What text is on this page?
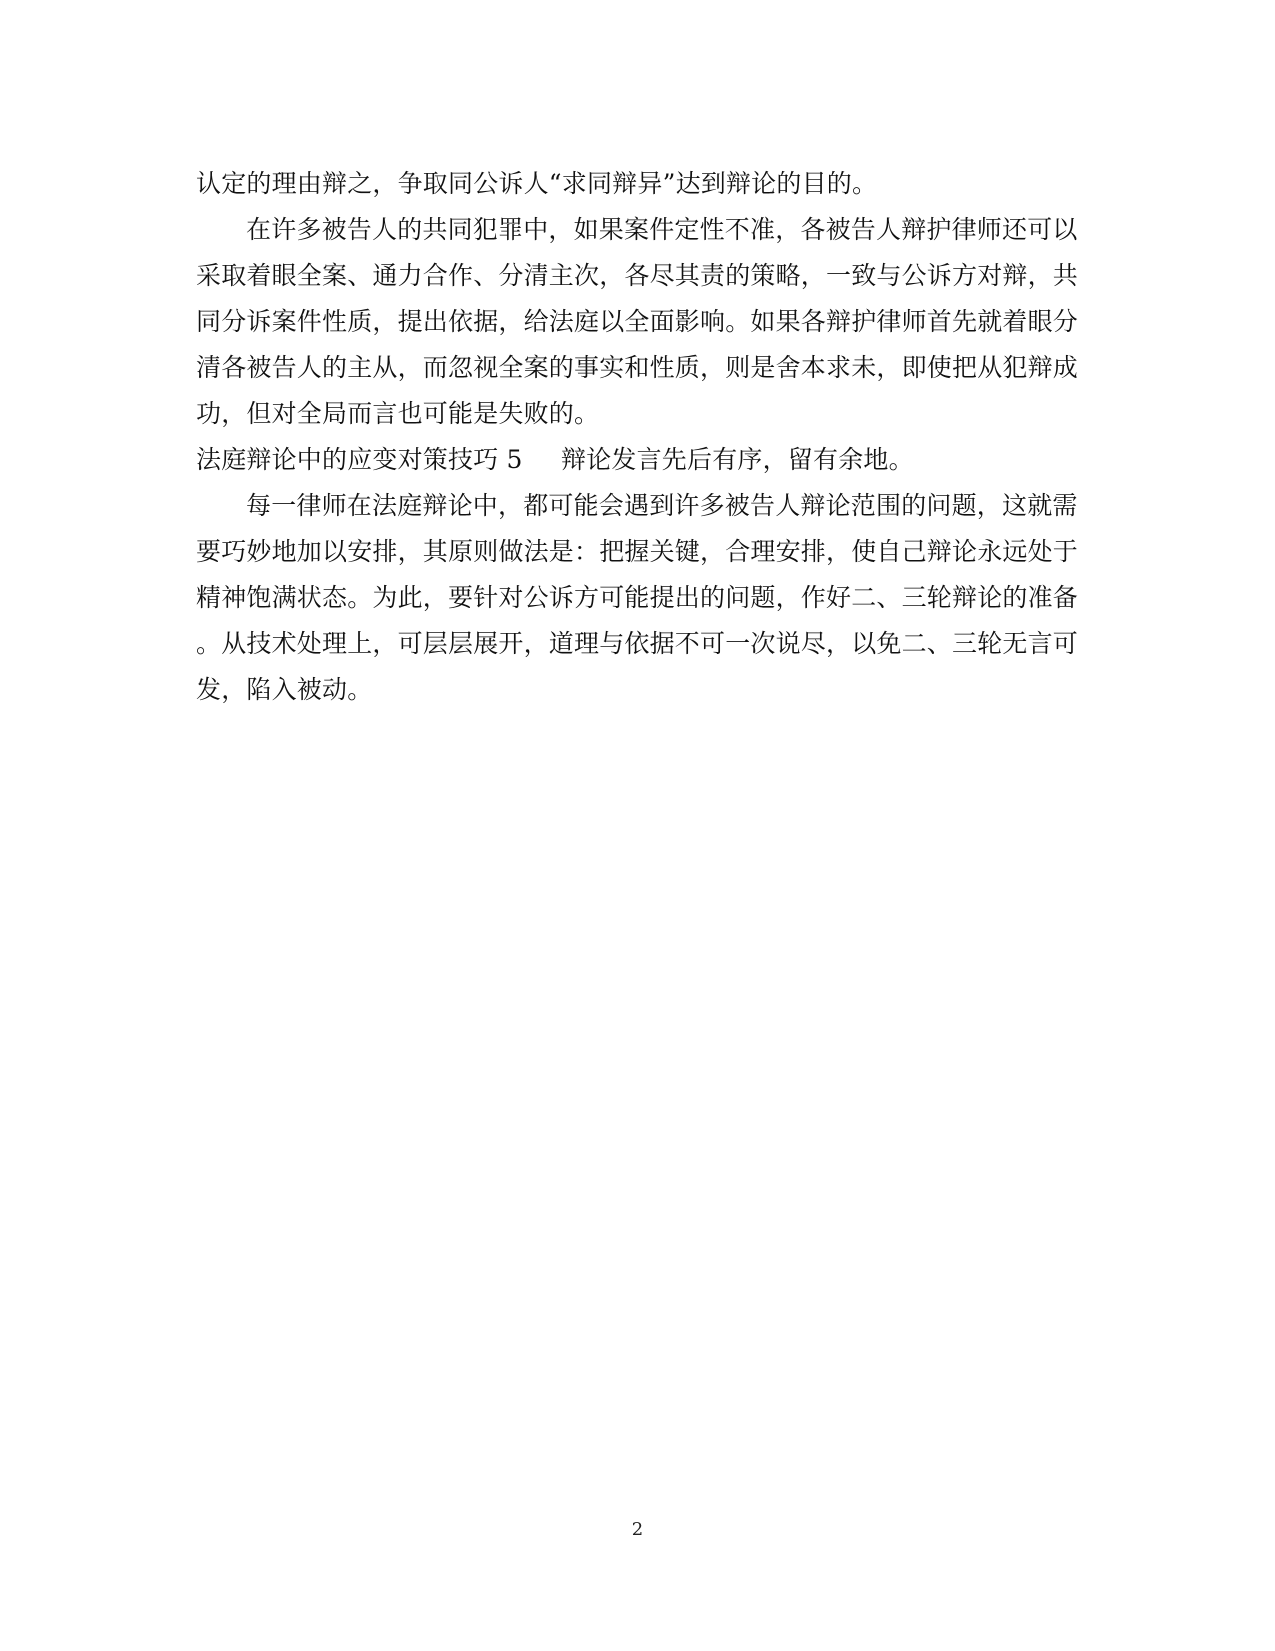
认定的理由辩之，争取同公诉人“求同辩异”达到辩论的目的。
在许多被告人的共同犯罪中，如果案件定性不准，各被告人辩护律师还可以
采取着眼全案、通力合作、分清主次，各尽其责的策略，一致与公诉方对辩，共
同分诉案件性质，提出依据，给法庭以全面影响。如果各辩护律师首先就着眼分
清各被告人的主从，而忽视全案的事实和性质，则是舍本求未，即使把从犯辩成
功，但对全局而言也可能是失败的。
法庭辩论中的应变对策技巧 5 辩论发言先后有序，留有余地。
每一律师在法庭辩论中，都可能会遇到许多被告人辩论范围的问题，这就需
要巧妙地加以安排，其原则做法是：把握关键，合理安排，使自己辩论永远处于
精神饱满状态。为此，要针对公诉方可能提出的问题，作好二、三轮辩论的准备
。从技术处理上，可层层展开，道理与依据不可一次说尽，以免二、三轮无言可
发，陷入被动。
2
